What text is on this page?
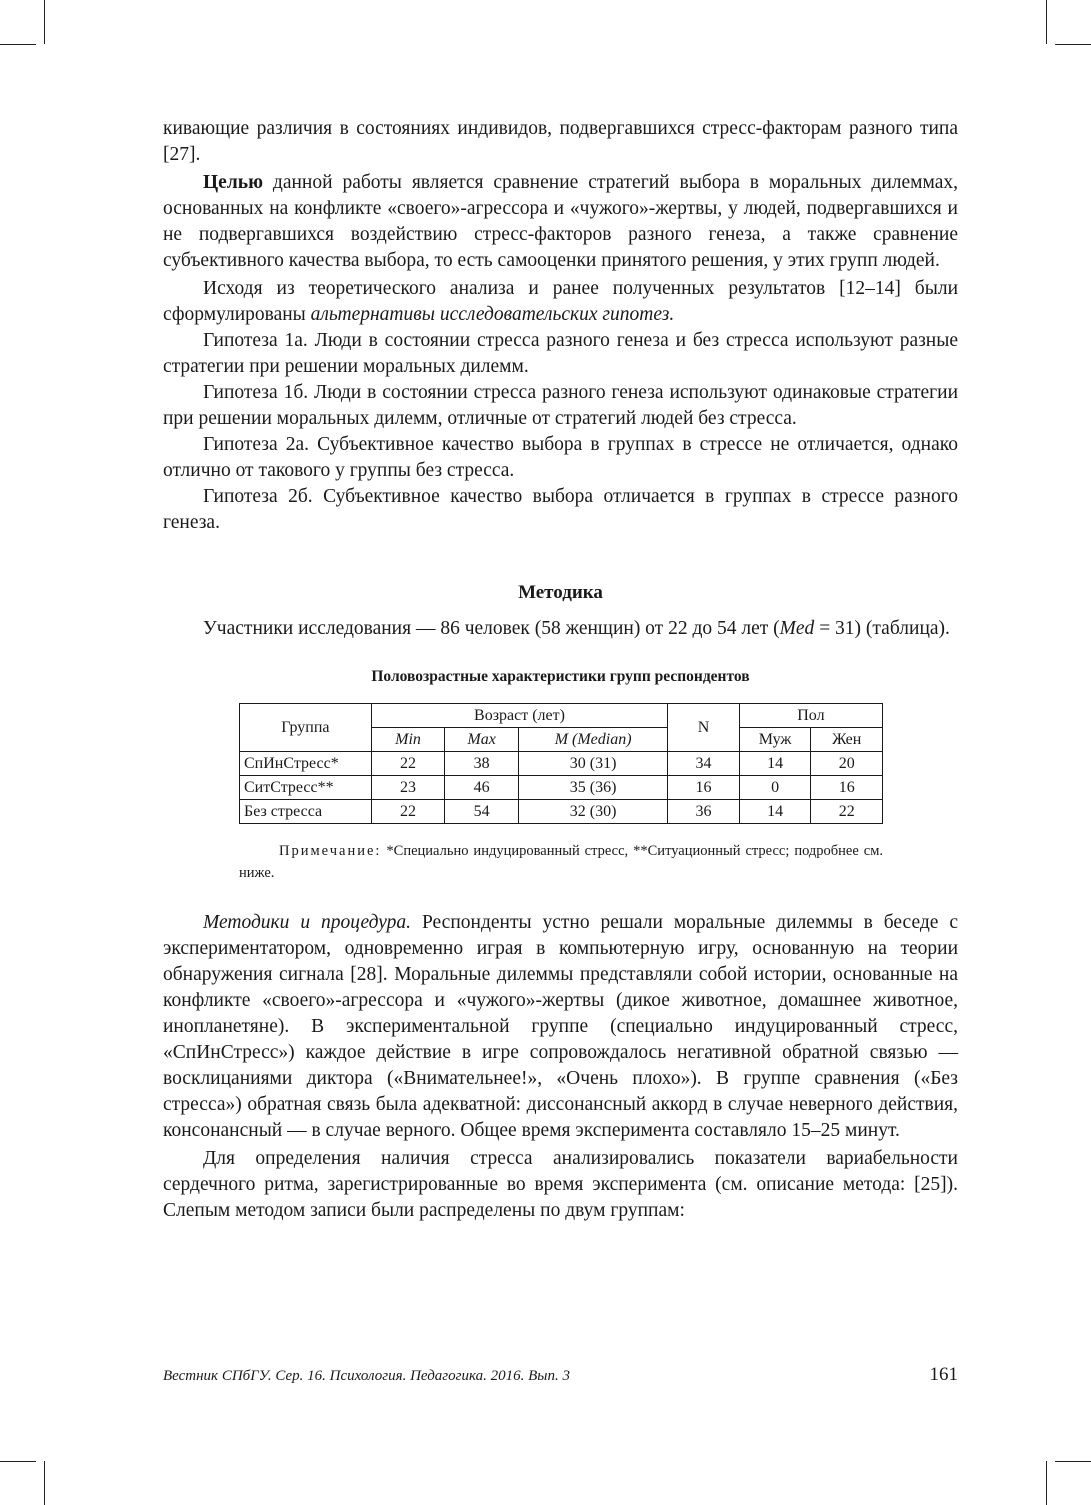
кивающие различия в состояниях индивидов, подвергавшихся стресс-факторам разного типа [27].

Целью данной работы является сравнение стратегий выбора в моральных дилеммах, основанных на конфликте «своего»-агрессора и «чужого»-жертвы, у людей, подвергавшихся и не подвергавшихся воздействию стресс-факторов разного генеза, а также сравнение субъективного качества выбора, то есть самооценки принятого решения, у этих групп людей.

Исходя из теоретического анализа и ранее полученных результатов [12–14] были сформулированы альтернативы исследовательских гипотез.

Гипотеза 1а. Люди в состоянии стресса разного генеза и без стресса используют разные стратегии при решении моральных дилемм.

Гипотеза 1б. Люди в состоянии стресса разного генеза используют одинаковые стратегии при решении моральных дилемм, отличные от стратегий людей без стресса.

Гипотеза 2а. Субъективное качество выбора в группах в стрессе не отличается, однако отлично от такового у группы без стресса.

Гипотеза 2б. Субъективное качество выбора отличается в группах в стрессе разного генеза.

Методика

Участники исследования — 86 человек (58 женщин) от 22 до 54 лет (Med = 31) (таблица).

Половозрастные характеристики групп респондентов

Группа	Возраст (лет)			N	Пол	
	Min	Max	M (Median)		Муж	Жен
СпИнСтресс*	22	38	30 (31)	34	14	20
СитСтресс**	23	46	35 (36)	16	0	16
Без стресса	22	54	32 (30)	36	14	22

Примечание: *Специально индуцированный стресс, **Ситуационный стресс; подробнее см. ниже.

Методики и процедура. Респонденты устно решали моральные дилеммы в беседе с экспериментатором, одновременно играя в компьютерную игру, основанную на теории обнаружения сигнала [28]. Моральные дилеммы представляли собой истории, основанные на конфликте «своего»-агрессора и «чужого»-жертвы (дикое животное, домашнее животное, инопланетяне). В экспериментальной группе (специально индуцированный стресс, «СпИнСтресс») каждое действие в игре сопровождалось негативной обратной связью — восклицаниями диктора («Внимательнее!», «Очень плохо»). В группе сравнения («Без стресса») обратная связь была адекватной: диссонансный аккорд в случае неверного действия, консонансный — в случае верного. Общее время эксперимента составляло 15–25 минут.

Для определения наличия стресса анализировались показатели вариабельности сердечного ритма, зарегистрированные во время эксперимента (см. описание метода: [25]). Слепым методом записи были распределены по двум группам:

Вестник СПбГУ. Сер. 16. Психология. Педагогика. 2016. Вып. 3	161
